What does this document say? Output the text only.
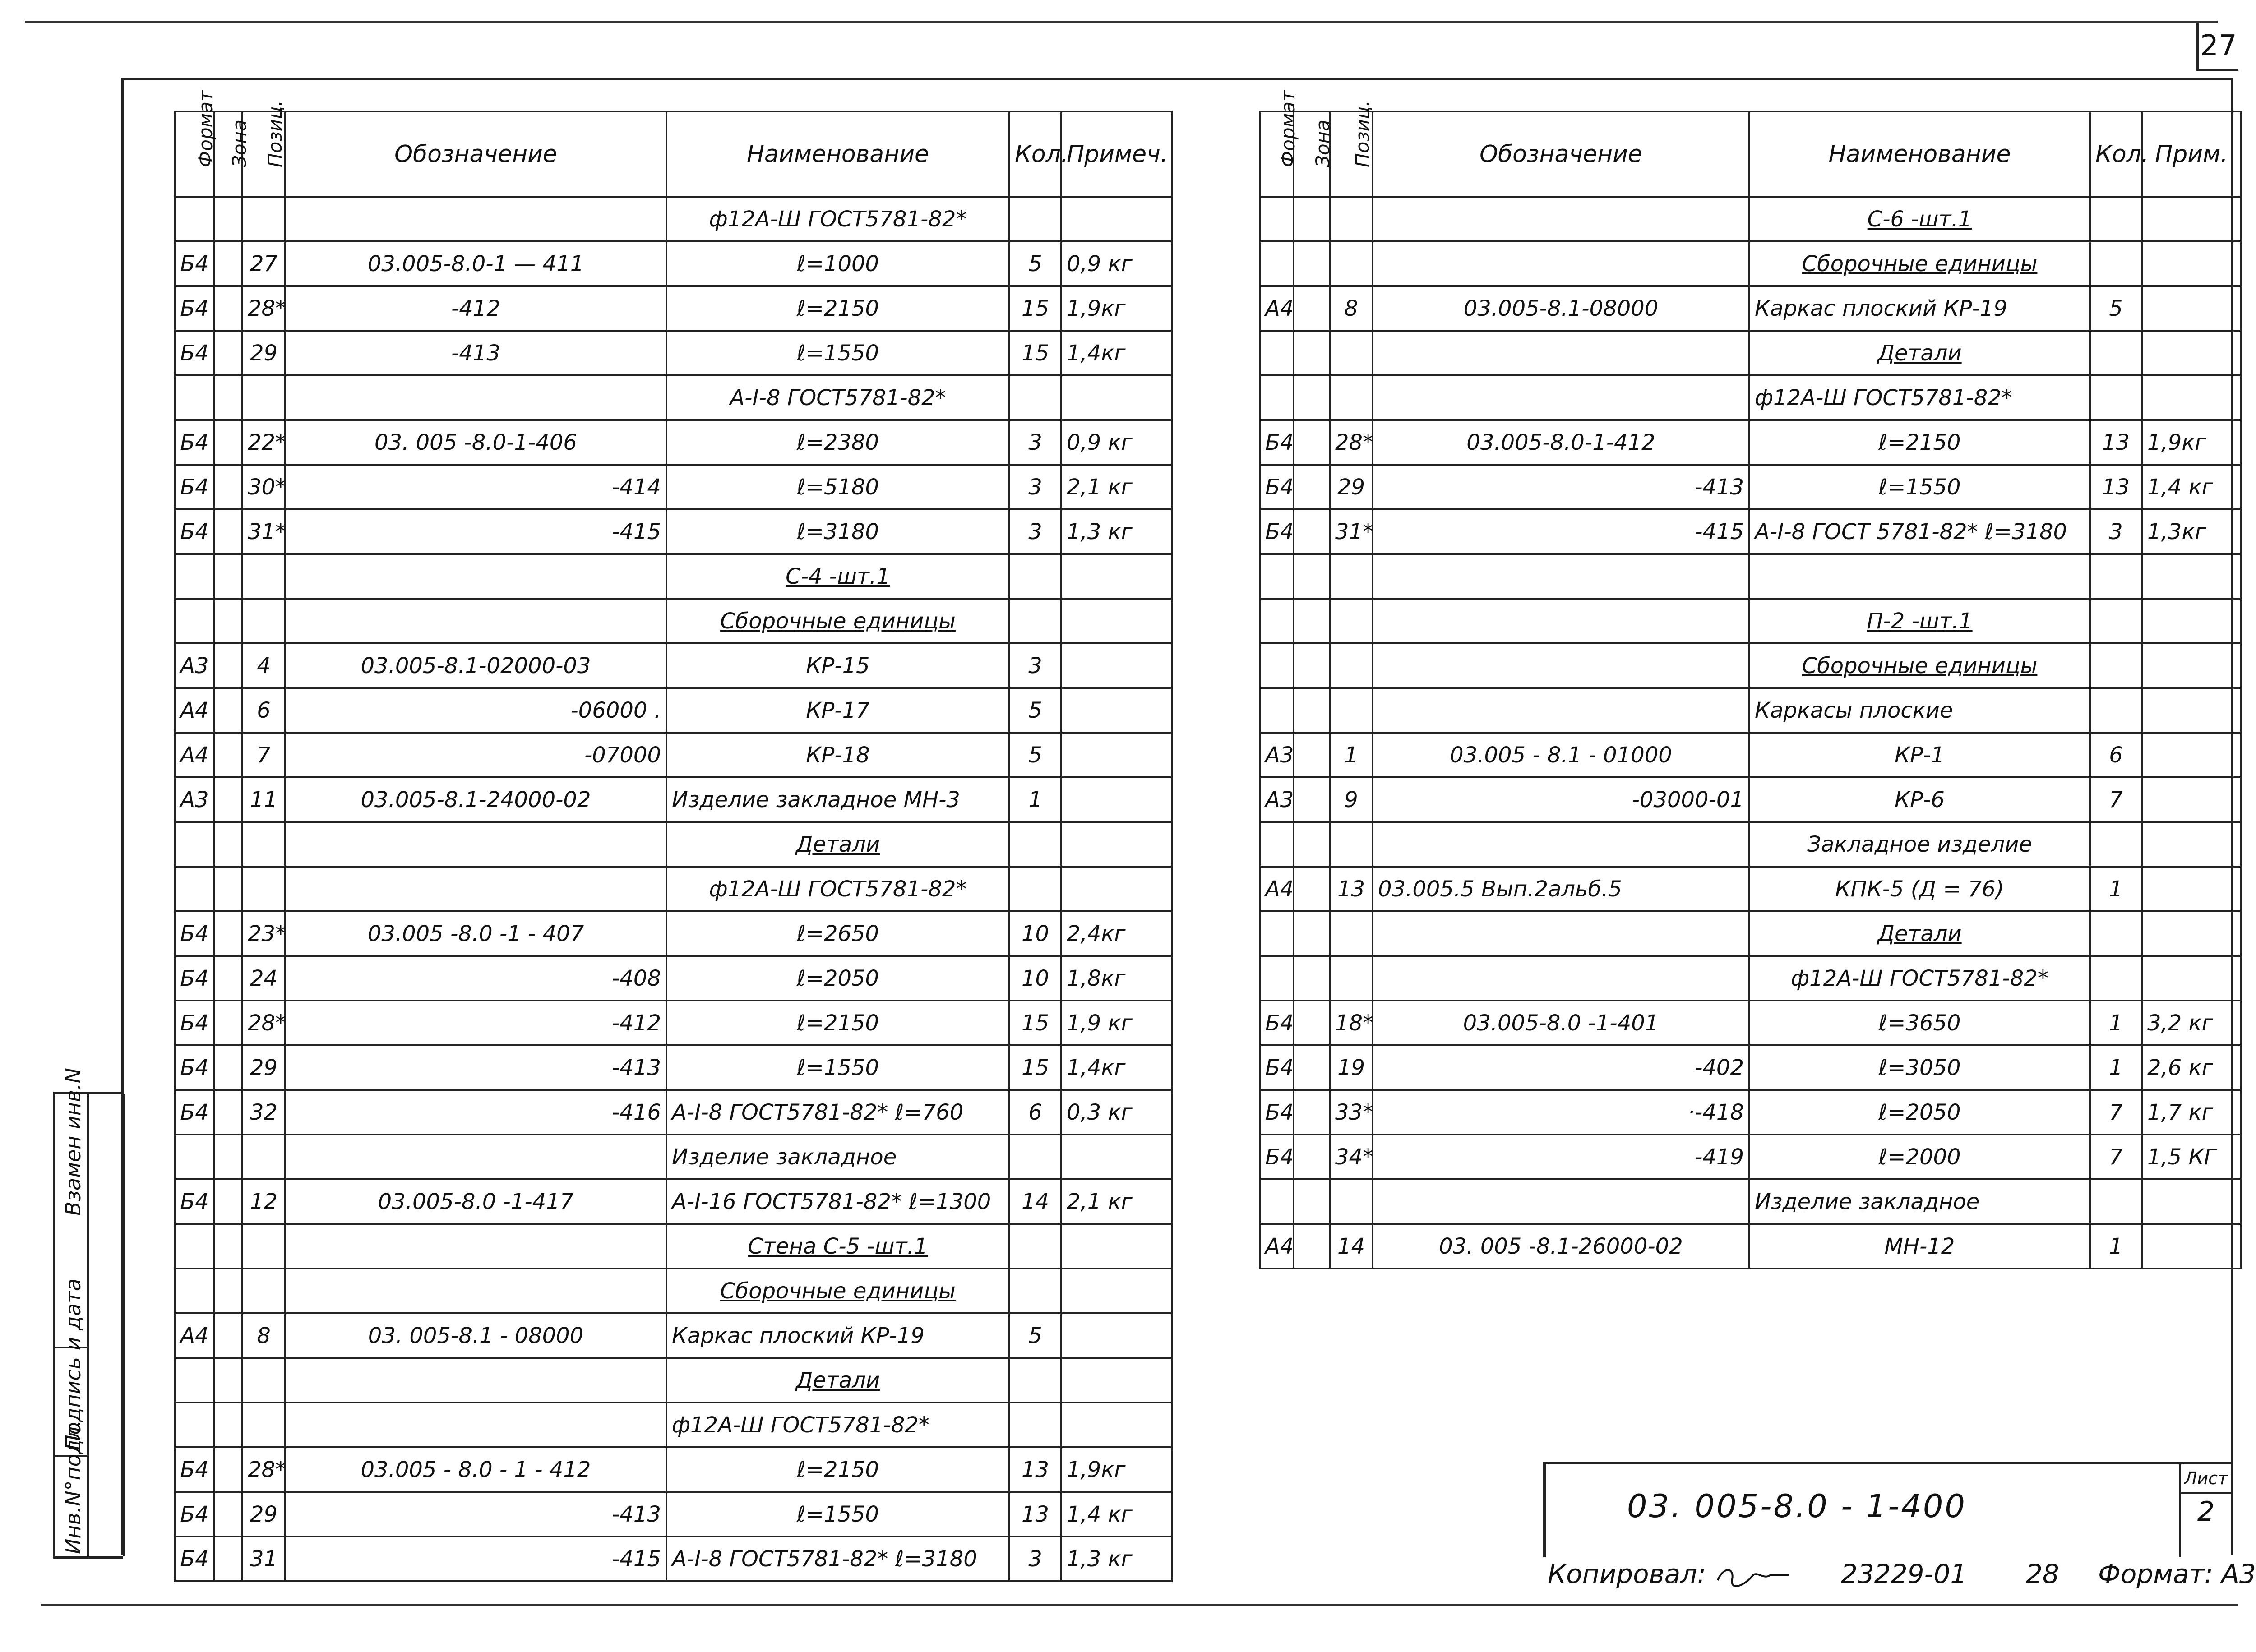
27
Инв.N°подл.
Подпись и дата
Взамен инв.N
Формат	Зона	Позиц.	Обозначение	Наименование	Кол.	Примеч.
				ф12А-Ш ГОСТ5781-82*		
Б4		27	03.005-8.0-1 — 411	ℓ=1000	5	0,9 кг
Б4		28*	-412	ℓ=2150	15	1,9кг
Б4		29	-413	ℓ=1550	15	1,4кг
				А-I-8 ГОСТ5781-82*		
Б4		22*	03. 005 -8.0-1-406	ℓ=2380	3	0,9 кг
Б4		30*	-414	ℓ=5180	3	2,1 кг
Б4		31*	-415	ℓ=3180	3	1,3 кг
				С-4 -шт.1		
				Сборочные единицы		
А3		4	03.005-8.1-02000-03	КР-15	3	
А4		6	-06000 .	КР-17	5	
А4		7	-07000	КР-18	5	
А3		11	03.005-8.1-24000-02	Изделие закладное МН-3	1	
				Детали		
				ф12А-Ш ГОСТ5781-82*		
Б4		23*	03.005 -8.0 -1 - 407	ℓ=2650	10	2,4кг
Б4		24	-408	ℓ=2050	10	1,8кг
Б4		28*	-412	ℓ=2150	15	1,9 кг
Б4		29	-413	ℓ=1550	15	1,4кг
Б4		32	-416	А-I-8 ГОСТ5781-82* ℓ=760	6	0,3 кг
				Изделие закладное		
Б4		12	03.005-8.0 -1-417	А-I-16 ГОСТ5781-82* ℓ=1300	14	2,1 кг
				Стена С-5 -шт.1		
				Сборочные единицы		
А4		8	03. 005-8.1 - 08000	Каркас плоский КР-19	5	
				Детали		
				ф12А-Ш ГОСТ5781-82*		
Б4		28*	03.005 - 8.0 - 1 - 412	ℓ=2150	13	1,9кг
Б4		29	-413	ℓ=1550	13	1,4 кг
Б4		31	-415	А-I-8 ГОСТ5781-82* ℓ=3180	3	1,3 кг
Формат	Зона	Позиц.	Обозначение	Наименование	Кол.	Прим.
				С-6 -шт.1		
				Сборочные единицы		
А4		8	03.005-8.1-08000	Каркас плоский КР-19	5	
				Детали		
				ф12А-Ш ГОСТ5781-82*		
Б4		28*	03.005-8.0-1-412	ℓ=2150	13	1,9кг
Б4		29	-413	ℓ=1550	13	1,4 кг
Б4		31*	-415	А-I-8 ГОСТ 5781-82* ℓ=3180	3	1,3кг

				П-2 -шт.1		
				Сборочные единицы		
				Каркасы плоские		
А3		1	03.005 - 8.1 - 01000	КР-1	6	
А3		9	-03000-01	КР-6	7	
				Закладное изделие		
А4		13	03.005.5 Вып.2альб.5	КПК-5 (Д = 76)	1	
				Детали		
				ф12А-Ш ГОСТ5781-82*		
Б4		18*	03.005-8.0 -1-401	ℓ=3650	1	3,2 кг
Б4		19	-402	ℓ=3050	1	2,6 кг
Б4		33*	·-418	ℓ=2050	7	1,7 кг
Б4		34*	-419	ℓ=2000	7	1,5 КГ
				Изделие закладное		
А4		14	03. 005 -8.1-26000-02	МН-12	1	
03. 005-8.0 - 1-400
Лист
2
Копировал:	23229-01 28 Формат: А3
